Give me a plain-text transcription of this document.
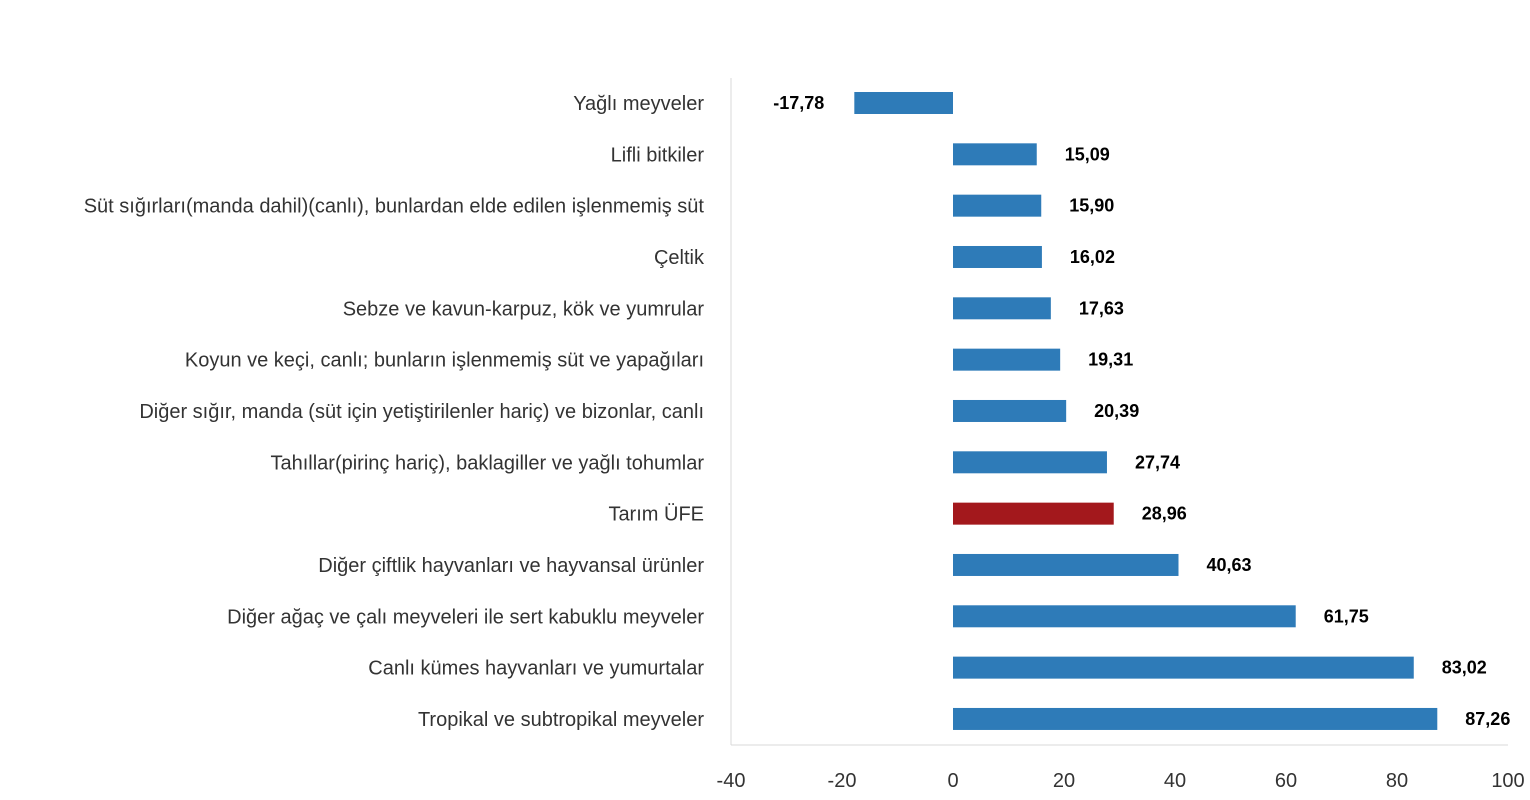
-40	-20	0	20	40	60	80	100
Yağlı meyveler	-17,78
Lifli bitkiler	15,09
Süt sığırları(manda dahil)(canlı), bunlardan elde edilen işlenmemiş süt	15,90
Çeltik	16,02
Sebze ve kavun-karpuz, kök ve yumrular	17,63
Koyun ve keçi, canlı; bunların işlenmemiş süt ve yapağıları	19,31
Diğer sığır, manda (süt için yetiştirilenler hariç) ve bizonlar, canlı	20,39
Tahıllar(pirinç hariç), baklagiller ve yağlı tohumlar	27,74
Tarım ÜFE	28,96
Diğer çiftlik hayvanları ve hayvansal ürünler	40,63
Diğer ağaç ve çalı meyveleri ile sert kabuklu meyveler	61,75
Canlı kümes hayvanları ve yumurtalar	83,02
Tropikal ve subtropikal meyveler	87,26
